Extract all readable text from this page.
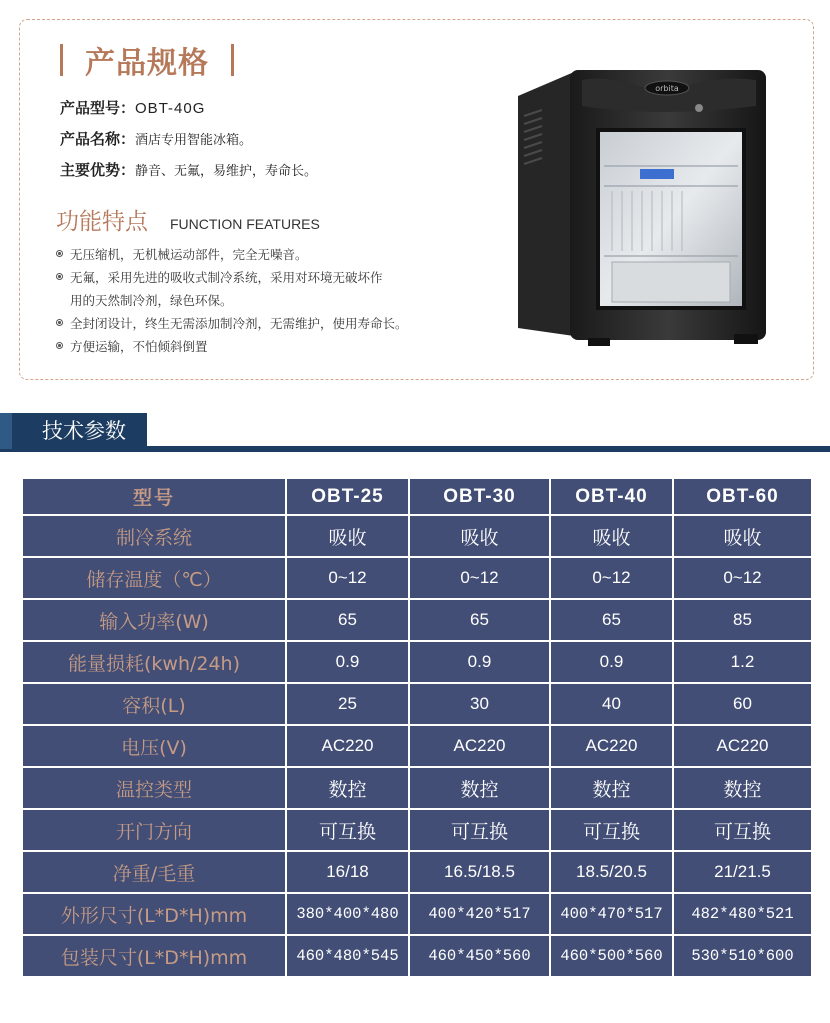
产品规格
产品型号：OBT-40G
产品名称：酒店专用智能冰箱。
主要优势：静音、无氟，易维护，寿命长。
功能特点 FUNCTION FEATURES
无压缩机，无机械运动部件，完全无噪音。
无氟，采用先进的吸收式制冷系统，采用对环境无破坏作
用的天然制冷剂，绿色环保。
全封闭设计，终生无需添加制冷剂，无需维护，使用寿命长。
方便运输，不怕倾斜倒置
orbita
技术参数
型号	OBT-25	OBT-30	OBT-40	OBT-60
制冷系统	吸收	吸收	吸收	吸收
储存温度（℃）	0~12	0~12	0~12	0~12
输入功率(W)	65	65	65	85
能量损耗(kwh/24h)	0.9	0.9	0.9	1.2
容积(L)	25	30	40	60
电压(V)	AC220	AC220	AC220	AC220
温控类型	数控	数控	数控	数控
开门方向	可互换	可互换	可互换	可互换
净重/毛重	16/18	16.5/18.5	18.5/20.5	21/21.5
外形尺寸(L*D*H)mm	380*400*480	400*420*517	400*470*517	482*480*521
包装尺寸(L*D*H)mm	460*480*545	460*450*560	460*500*560	530*510*600
